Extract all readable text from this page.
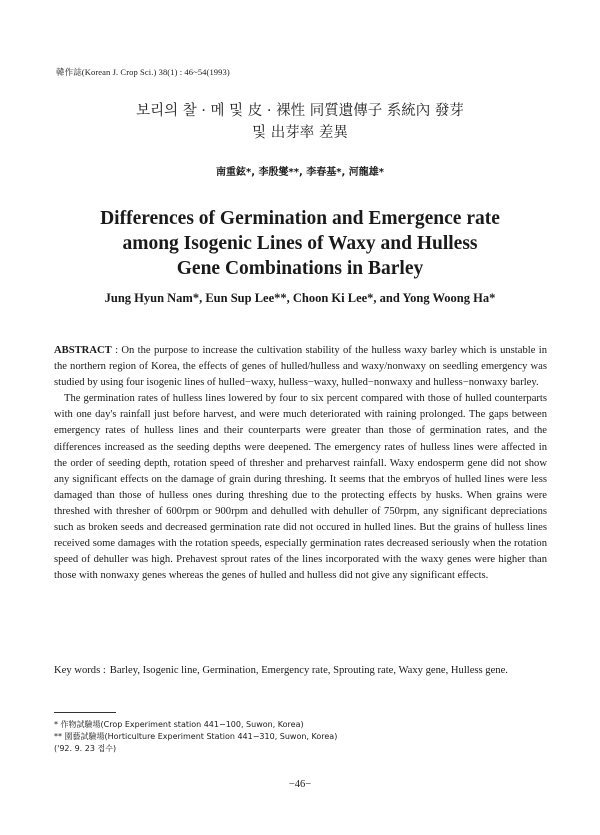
韓作誌(Korean J. Crop Sci.) 38(1) : 46~54(1993)
보리의 찰 · 메 및 皮 · 裸性 同質遺傳子 系統內 發芽
및 出芽率 差異
南重鉉*, 李殷燮**, 李春基*, 河龍雄*
Differences of Germination and Emergence rate
among Isogenic Lines of Waxy and Hulless
Gene Combinations in Barley
Jung Hyun Nam*, Eun Sup Lee**, Choon Ki Lee*, and Yong Woong Ha*

ABSTRACT : On the purpose to increase the cultivation stability of the hulless waxy barley which is unstable in the northern region of Korea, the effects of genes of hulled/hulless and waxy/nonwaxy on seedling emergency was studied by using four isogenic lines of hulled−waxy, hulless−waxy, hulled−nonwaxy and hulless−nonwaxy barley.

The germination rates of hulless lines lowered by four to six percent compared with those of hulled counterparts with one day's rainfall just before harvest, and were much deteriorated with raining prolonged. The gaps between emergency rates of hulless lines and their counterparts were greater than those of germination rates, and the differences increased as the seeding depths were deepened. The emergency rates of hulless lines were affected in the order of seeding depth, rotation speed of thresher and preharvest rainfall. Waxy endosperm gene did not show any significant effects on the damage of grain during threshing. It seems that the embryos of hulled lines were less damaged than those of hulless ones during threshing due to the protecting effects by husks. When grains were threshed with thresher of 600rpm or 900rpm and dehulled with dehuller of 750rpm, any significant depreciations such as broken seeds and decreased germination rate did not occured in hulled lines. But the grains of hulless lines received some damages with the rotation speeds, especially germination rates decreased seriously when the rotation speed of dehuller was high. Prehavest sprout rates of the lines incorporated with the waxy genes were higher than those with nonwaxy genes whereas the genes of hulled and hulless did not give any significant effects.

Key words : Barley, Isogenic line, Germination, Emergency rate, Sprouting rate, Waxy gene, Hulless gene.
* 作物試驗場(Crop Experiment station 441−100, Suwon, Korea)
** 園藝試驗場(Horticulture Experiment Station 441−310, Suwon, Korea) ('92. 9. 23 접수)
−46−
